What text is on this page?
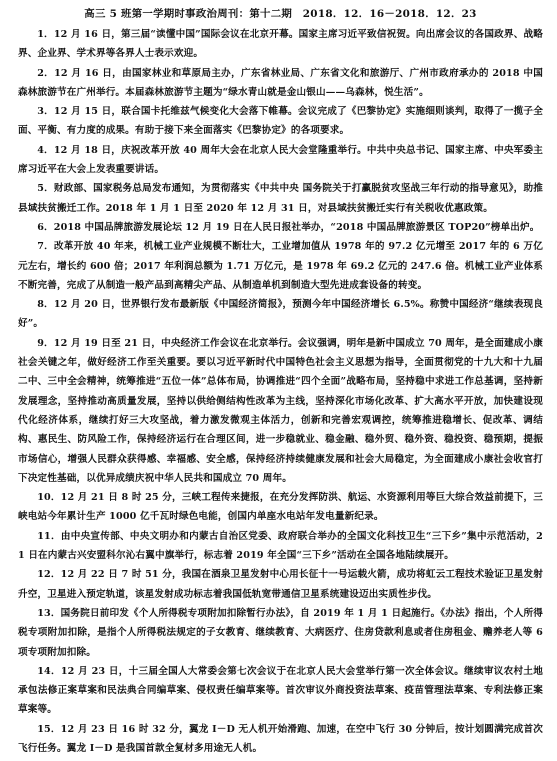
高三 5 班第一学期时事政治周刊：第十二期　2018．12．16－2018．12．23

1．12 月 16 日，第三届“读懂中国”国际会议在北京开幕。国家主席习近平致信祝贺。向出席会议的各国政界、战略界、企业界、学术界等各界人士表示欢迎。

2．12 月 16 日，由国家林业和草原局主办，广东省林业局、广东省文化和旅游厅、广州市政府承办的 2018 中国森林旅游节在广州举行。本届森林旅游节主题为“绿水青山就是金山银山——乌森林，悦生活”。

3．12 月 15 日，联合国卡托维兹气候变化大会落下帷幕。会议完成了《巴黎协定》实施细则谈判，取得了一揽子全面、平衡、有力度的成果。有助于接下来全面落实《巴黎协定》的各项要求。

4．12 月 18 日，庆祝改革开放 40 周年大会在北京人民大会堂隆重举行。中共中央总书记、国家主席、中央军委主席习近平在大会上发表重要讲话。

5．财政部、国家税务总局发布通知，为贯彻落实《中共中央 国务院关于打赢脱贫攻坚战三年行动的指导意见》，助推县域扶贫搬迁工作。2018 年 1 月 1 日至 2020 年 12 月 31 日，对县域扶贫搬迁实行有关税收优惠政策。

6．2018 中国品牌旅游发展论坛 12 月 19 日在人民日报社举办，“2018 中国品牌旅游景区 TOP20”榜单出炉。

7．改革开放 40 年来，机械工业产业规模不断壮大，工业增加值从 1978 年的 97.2 亿元增至 2017 年的 6 万亿元左右，增长约 600 倍；2017 年利润总额为 1.71 万亿元，是 1978 年 69.2 亿元的 247.6 倍。机械工业产业体系不断完善，完成了从制造一般产品到高精尖产品、从制造单机到制造大型先进成套设备的转变。

8．12 月 20 日，世界银行发布最新版《中国经济简报》，预测今年中国经济增长 6.5%。称赞中国经济“继续表现良好”。

9．12 月 19 日至 21 日，中央经济工作会议在北京举行。会议强调，明年是新中国成立 70 周年，是全面建成小康社会关键之年，做好经济工作至关重要。要以习近平新时代中国特色社会主义思想为指导，全面贯彻党的十九大和十九届二中、三中全会精神，统筹推进“五位一体”总体布局，协调推进“四个全面”战略布局，坚持稳中求进工作总基调，坚持新发展理念，坚持推动高质量发展，坚持以供给侧结构性改革为主线，坚持深化市场化改革、扩大高水平开放，加快建设现代化经济体系，继续打好三大攻坚战，着力激发微观主体活力，创新和完善宏观调控，统筹推进稳增长、促改革、调结构、惠民生、防风险工作，保持经济运行在合理区间，进一步稳就业、稳金融、稳外贸、稳外资、稳投资、稳预期，提振市场信心，增强人民群众获得感、幸福感、安全感，保持经济持续健康发展和社会大局稳定，为全面建成小康社会收官打下决定性基础，以优异成绩庆祝中华人民共和国成立 70 周年。

10．12 月 21 日 8 时 25 分，三峡工程传来捷报，在充分发挥防洪、航运、水资源利用等巨大综合效益前提下，三峡电站今年累计生产 1000 亿千瓦时绿色电能，创国内单座水电站年发电量新纪录。

11．由中央宣传部、中央文明办和内蒙古自治区党委、政府联合举办的全国文化科技卫生“三下乡”集中示范活动，21 日在内蒙古兴安盟科尔沁右翼中旗举行，标志着 2019 年全国“三下乡”活动在全国各地陆续展开。

12．12 月 22 日 7 时 51 分，我国在酒泉卫星发射中心用长征十一号运载火箭，成功将虹云工程技术验证卫星发射升空，卫星进入预定轨道，该星发射成功标志着我国低轨宽带通信卫星系统建设迈出实质性步伐。

13．国务院日前印发《个人所得税专项附加扣除暂行办法》，自 2019 年 1 月 1 日起施行。《办法》指出，个人所得税专项附加扣除，是指个人所得税法规定的子女教育、继续教育、大病医疗、住房贷款利息或者住房租金、赡养老人等 6 项专项附加扣除。

14．12 月 23 日，十三届全国人大常委会第七次会议于在北京人民大会堂举行第一次全体会议。继续审议农村土地承包法修正案草案和民法典合同编草案、侵权责任编草案等。首次审议外商投资法草案、疫苗管理法草案、专利法修正案草案等。

15．12 月 23 日 16 时 32 分，翼龙 I－D 无人机开始滑跑、加速，在空中飞行 30 分钟后，按计划圆满完成首次飞行任务。翼龙 I－D 是我国首款全复材多用途无人机。
